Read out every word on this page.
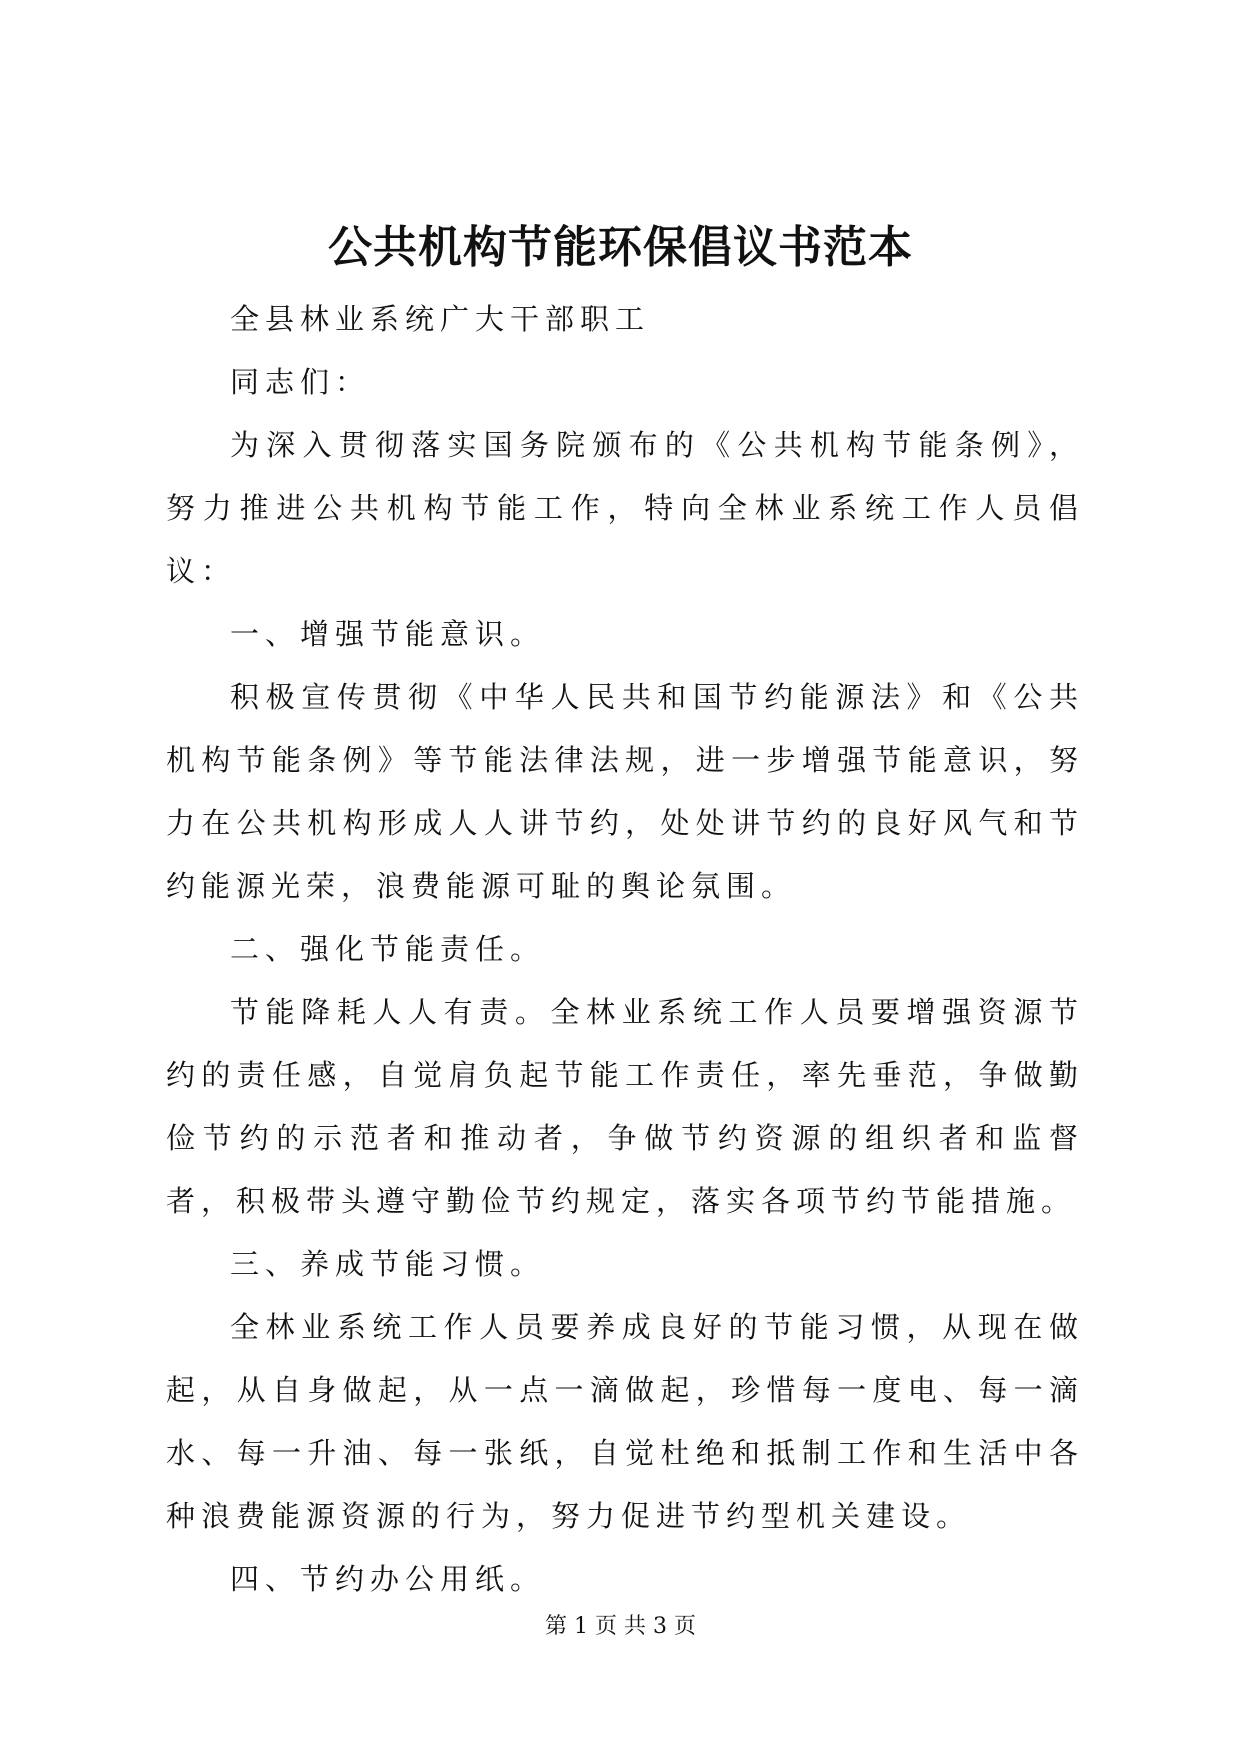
公共机构节能环保倡议书范本

全县林业系统广大干部职工

同志们：

为深入贯彻落实国务院颁布的《公共机构节能条例》，努力推进公共机构节能工作，特向全林业系统工作人员倡议：

一、增强节能意识。

积极宣传贯彻《中华人民共和国节约能源法》和《公共机构节能条例》等节能法律法规，进一步增强节能意识，努力在公共机构形成人人讲节约，处处讲节约的良好风气和节约能源光荣，浪费能源可耻的舆论氛围。

二、强化节能责任。

节能降耗人人有责。全林业系统工作人员要增强资源节约的责任感，自觉肩负起节能工作责任，率先垂范，争做勤俭节约的示范者和推动者，争做节约资源的组织者和监督者，积极带头遵守勤俭节约规定，落实各项节约节能措施。

三、养成节能习惯。

全林业系统工作人员要养成良好的节能习惯，从现在做起，从自身做起，从一点一滴做起，珍惜每一度电、每一滴水、每一升油、每一张纸，自觉杜绝和抵制工作和生活中各种浪费能源资源的行为，努力促进节约型机关建设。

四、节约办公用纸。

第 1 页 共 3 页
